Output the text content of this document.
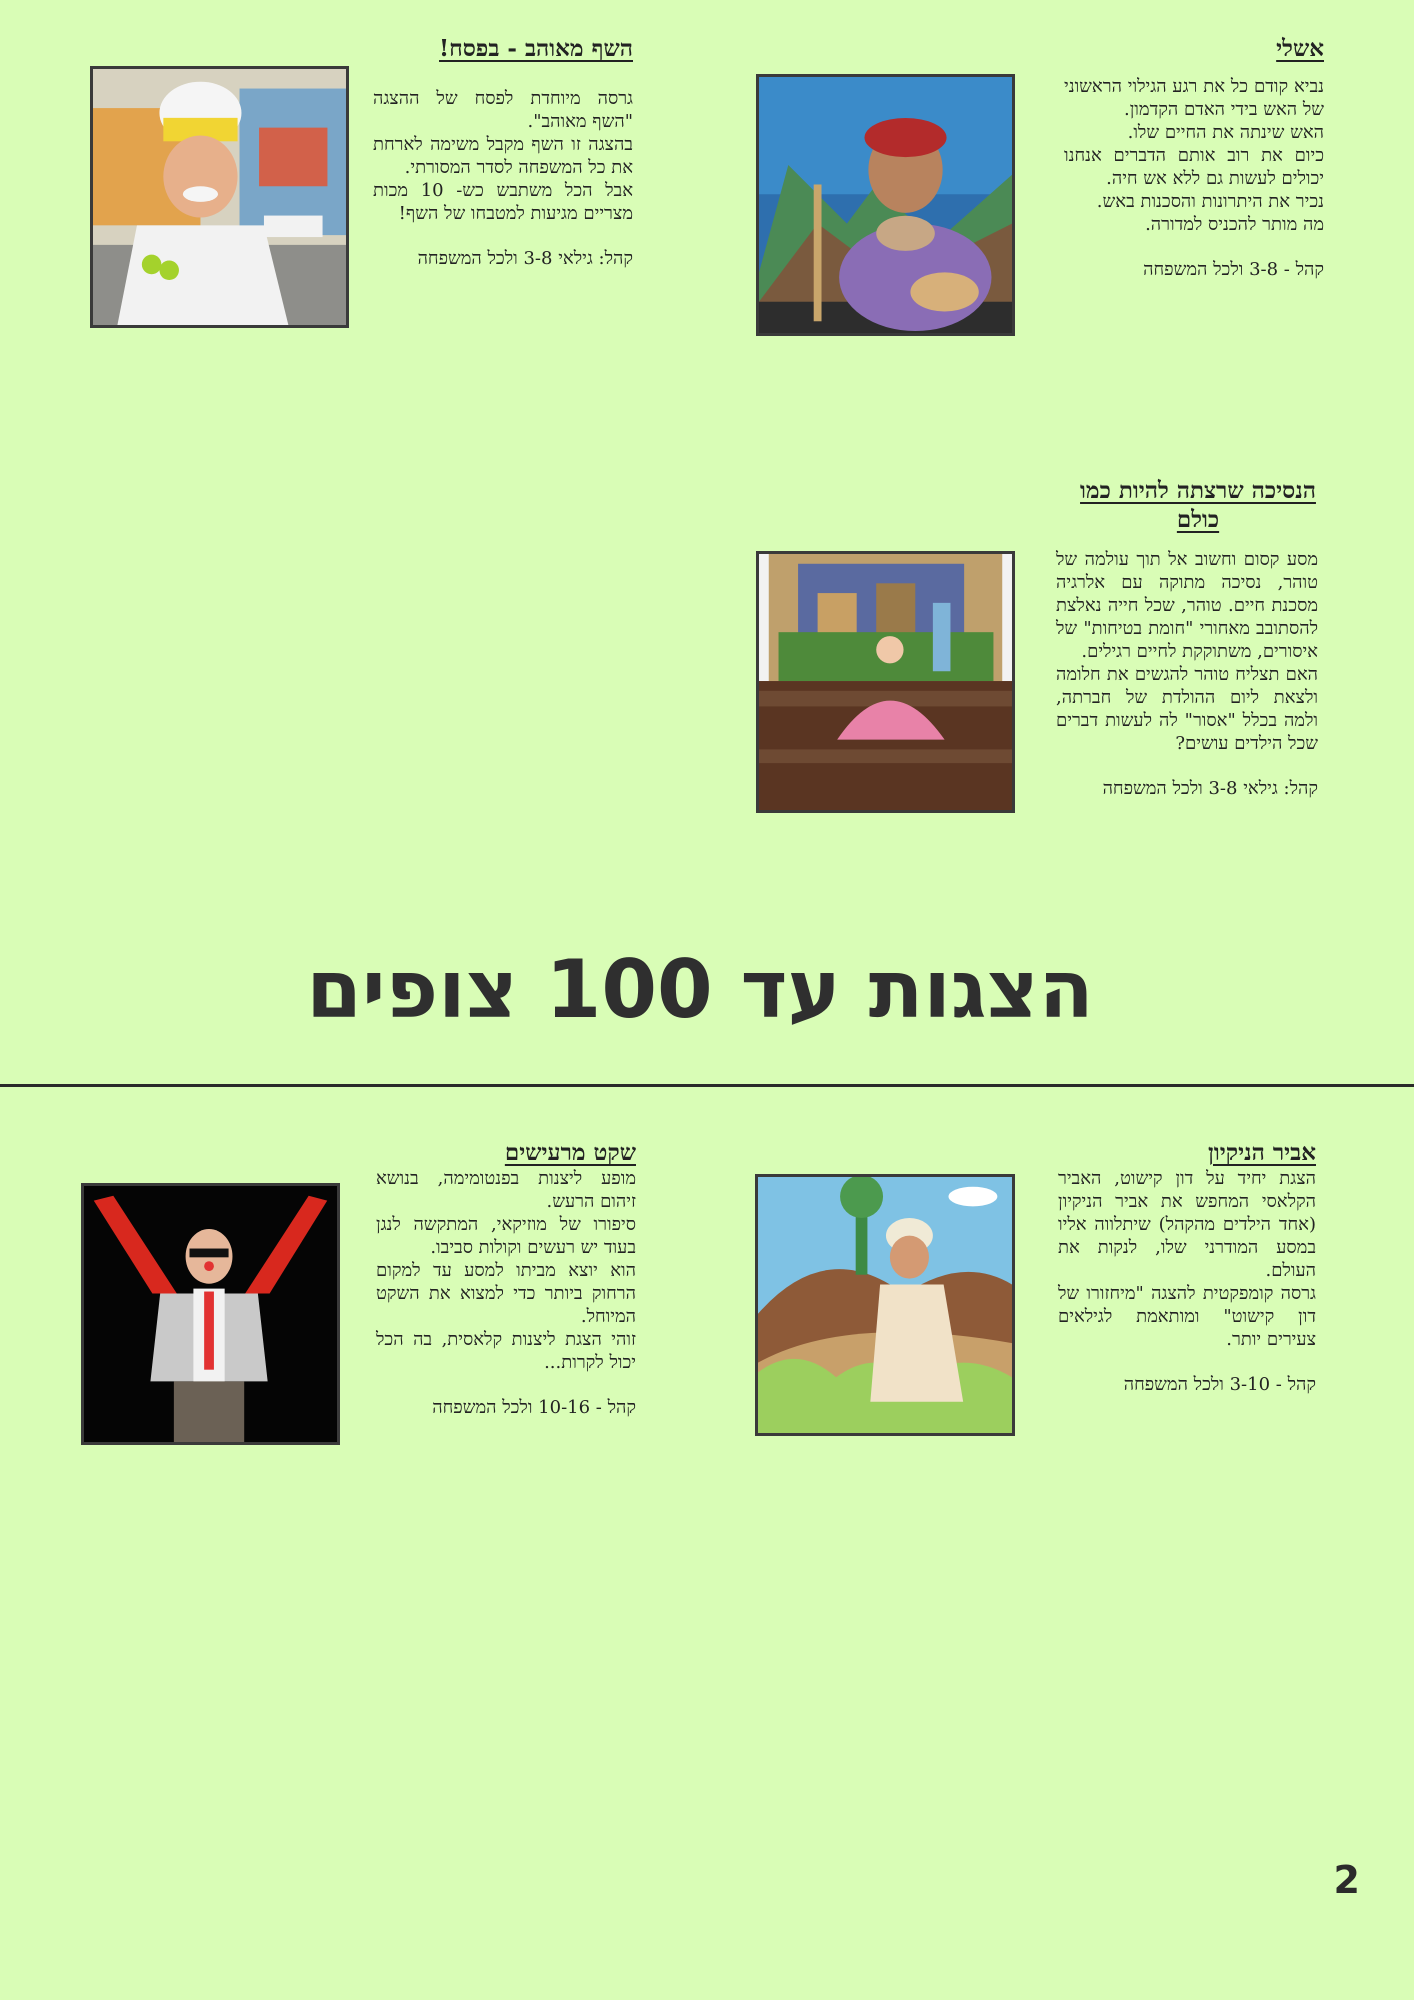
אשלי

נביא קודם כל את רגע הגילוי הראשוני של האש בידי האדם הקדמון.

האש שינתה את החיים שלו.

כיום את רוב אותם הדברים אנחנו יכולים לעשות גם ללא אש חיה.

נכיר את היתרונות והסכנות באש.

מה מותר להכניס למדורה.

קהל - 3-8 ולכל המשפחה
השף מאוהב - בפסח!

גרסה מיוחדת לפסח של ההצגה "השף מאוהב".

בהצגה זו השף מקבל משימה לארחת את כל המשפחה לסדר המסורתי.

אבל הכל משתבש כש- 10 מכות מצריים מגיעות למטבחו של השף!

קהל: גילאי 3-8 ולכל המשפחה
הנסיכה שרצתה להיות כמו כולם

מסע קסום וחשוב אל תוך עולמה של טוהר, נסיכה מתוקה עם אלרגיה מסכנת חיים. טוהר, שכל חייה נאלצת להסתובב מאחורי "חומת בטיחות" של איסורים, משתוקקת לחיים רגילים.

האם תצליח טוהר להגשים את חלומה ולצאת ליום ההולדת של חברתה, ולמה בכלל "אסור" לה לעשות דברים שכל הילדים עושים?

קהל: גילאי 3-8 ולכל המשפחה
הצגות עד 100 צופים
אביר הניקיון

הצגת יחיד על דון קישוט, האביר הקלאסי המחפש את אביר הניקיון (אחד הילדים מהקהל) שיתלווה אליו במסע המודרני שלו, לנקות את העולם.

גרסה קומפקטית להצגה "מיחזורו של דון קישוט" ומותאמת לגילאים צעירים יותר.

קהל - 3-10 ולכל המשפחה
שקט מרעישים

מופע ליצנות בפנטומימה, בנושא זיהום הרעש.

סיפורו של מוזיקאי, המתקשה לנגן בעוד יש רעשים וקולות סביבו.

הוא יוצא מביתו למסע עד למקום הרחוק ביותר כדי למצוא את השקט המיוחל.

זוהי הצגת ליצנות קלאסית, בה הכל יכול לקרות...

קהל - 10-16 ולכל המשפחה
2
